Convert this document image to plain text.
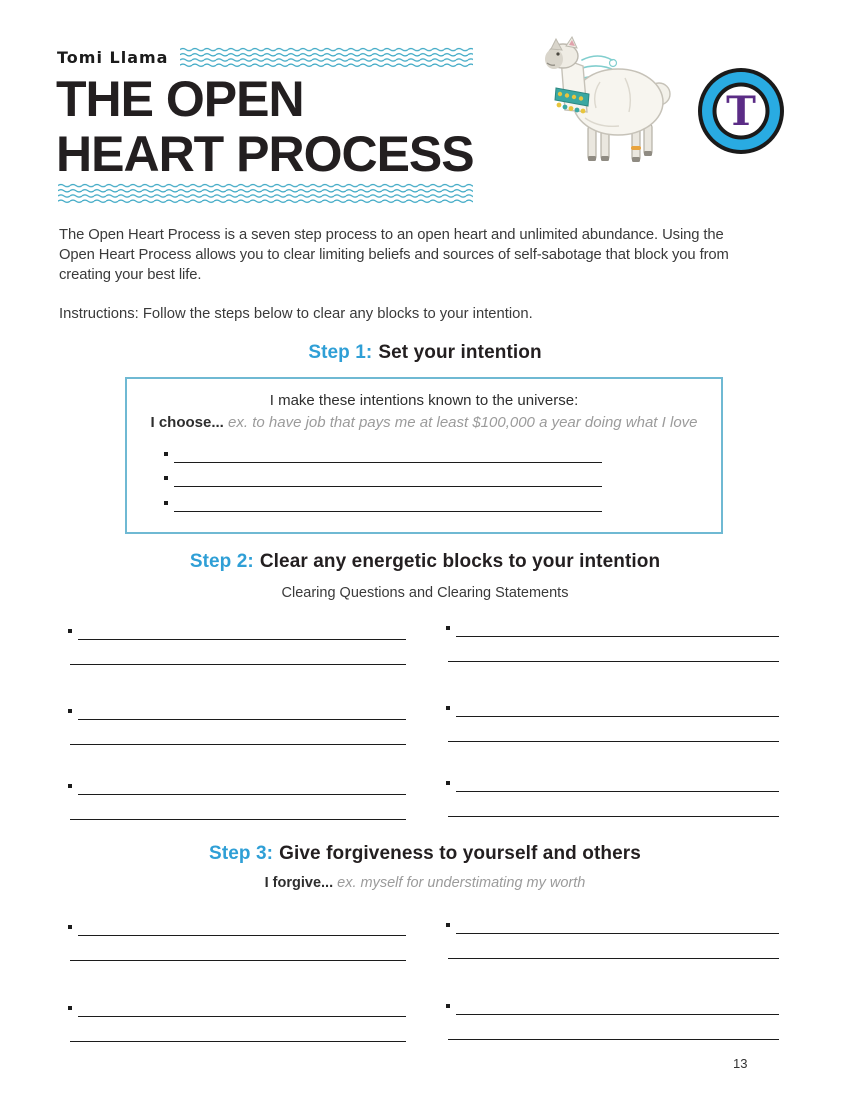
Tomi Llama
THE OPEN
HEART PROCESS
T

The Open Heart Process is a seven step process to an open heart and unlimited abundance. Using the Open Heart Process allows you to clear limiting beliefs and sources of self-sabotage that block you from creating your best life.

Instructions: Follow the steps below to clear any blocks to your intention.

Step 1: Set your intention
I make these intentions known to the universe:
I choose... ex. to have job that pays me at least $100,000 a year doing what I love
Step 2: Clear any energetic blocks to your intention
Clearing Questions and Clearing Statements
Step 3: Give forgiveness to yourself and others
I forgive... ex. myself for understimating my worth
13
